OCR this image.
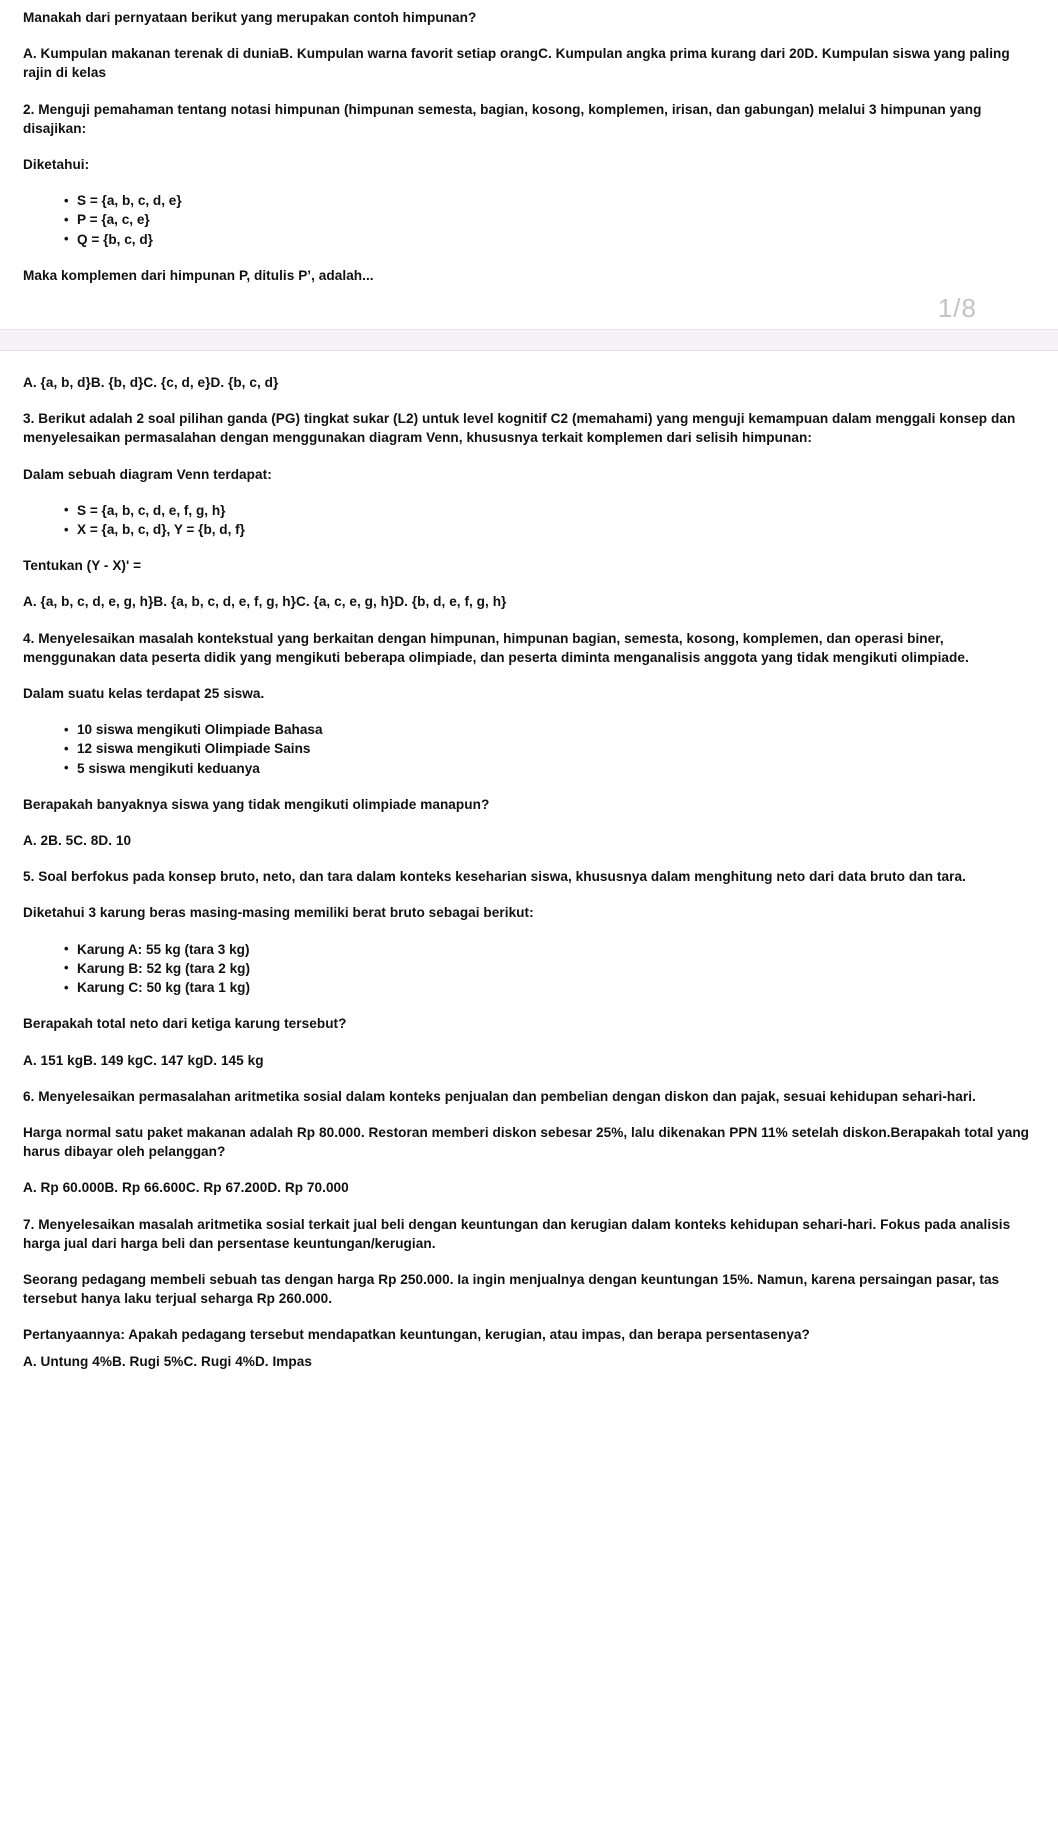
Manakah dari pernyataan berikut yang merupakan contoh himpunan?

A. Kumpulan makanan terenak di duniaB. Kumpulan warna favorit setiap orangC. Kumpulan angka prima kurang dari 20D. Kumpulan siswa yang paling rajin di kelas

2. Menguji pemahaman tentang notasi himpunan (himpunan semesta, bagian, kosong, komplemen, irisan, dan gabungan) melalui 3 himpunan yang disajikan:

Diketahui:

• S = {a, b, c, d, e}
• P = {a, c, e}
• Q = {b, c, d}

Maka komplemen dari himpunan P, ditulis P’, adalah...

1/8

A. {a, b, d}B. {b, d}C. {c, d, e}D. {b, c, d}

3. Berikut adalah 2 soal pilihan ganda (PG) tingkat sukar (L2) untuk level kognitif C2 (memahami) yang menguji kemampuan dalam menggali konsep dan menyelesaikan permasalahan dengan menggunakan diagram Venn, khususnya terkait komplemen dari selisih himpunan:

Dalam sebuah diagram Venn terdapat:

• S = {a, b, c, d, e, f, g, h}
• X = {a, b, c, d}, Y = {b, d, f}

Tentukan (Y - X)' =

A. {a, b, c, d, e, g, h}B. {a, b, c, d, e, f, g, h}C. {a, c, e, g, h}D. {b, d, e, f, g, h}

4. Menyelesaikan masalah kontekstual yang berkaitan dengan himpunan, himpunan bagian, semesta, kosong, komplemen, dan operasi biner, menggunakan data peserta didik yang mengikuti beberapa olimpiade, dan peserta diminta menganalisis anggota yang tidak mengikuti olimpiade.

Dalam suatu kelas terdapat 25 siswa.

• 10 siswa mengikuti Olimpiade Bahasa
• 12 siswa mengikuti Olimpiade Sains
• 5 siswa mengikuti keduanya

Berapakah banyaknya siswa yang tidak mengikuti olimpiade manapun?

A. 2B. 5C. 8D. 10

5. Soal berfokus pada konsep bruto, neto, dan tara dalam konteks keseharian siswa, khususnya dalam menghitung neto dari data bruto dan tara.

Diketahui 3 karung beras masing-masing memiliki berat bruto sebagai berikut:

• Karung A: 55 kg (tara 3 kg)
• Karung B: 52 kg (tara 2 kg)
• Karung C: 50 kg (tara 1 kg)

Berapakah total neto dari ketiga karung tersebut?

A. 151 kgB. 149 kgC. 147 kgD. 145 kg

6. Menyelesaikan permasalahan aritmetika sosial dalam konteks penjualan dan pembelian dengan diskon dan pajak, sesuai kehidupan sehari-hari.

Harga normal satu paket makanan adalah Rp 80.000. Restoran memberi diskon sebesar 25%, lalu dikenakan PPN 11% setelah diskon.Berapakah total yang harus dibayar oleh pelanggan?

A. Rp 60.000B. Rp 66.600C. Rp 67.200D. Rp 70.000

7. Menyelesaikan masalah aritmetika sosial terkait jual beli dengan keuntungan dan kerugian dalam konteks kehidupan sehari-hari. Fokus pada analisis harga jual dari harga beli dan persentase keuntungan/kerugian.

Seorang pedagang membeli sebuah tas dengan harga Rp 250.000. Ia ingin menjualnya dengan keuntungan 15%. Namun, karena persaingan pasar, tas tersebut hanya laku terjual seharga Rp 260.000.

Pertanyaannya: Apakah pedagang tersebut mendapatkan keuntungan, kerugian, atau impas, dan berapa persentasenya?

A. Untung 4%B. Rugi 5%C. Rugi 4%D. Impas
